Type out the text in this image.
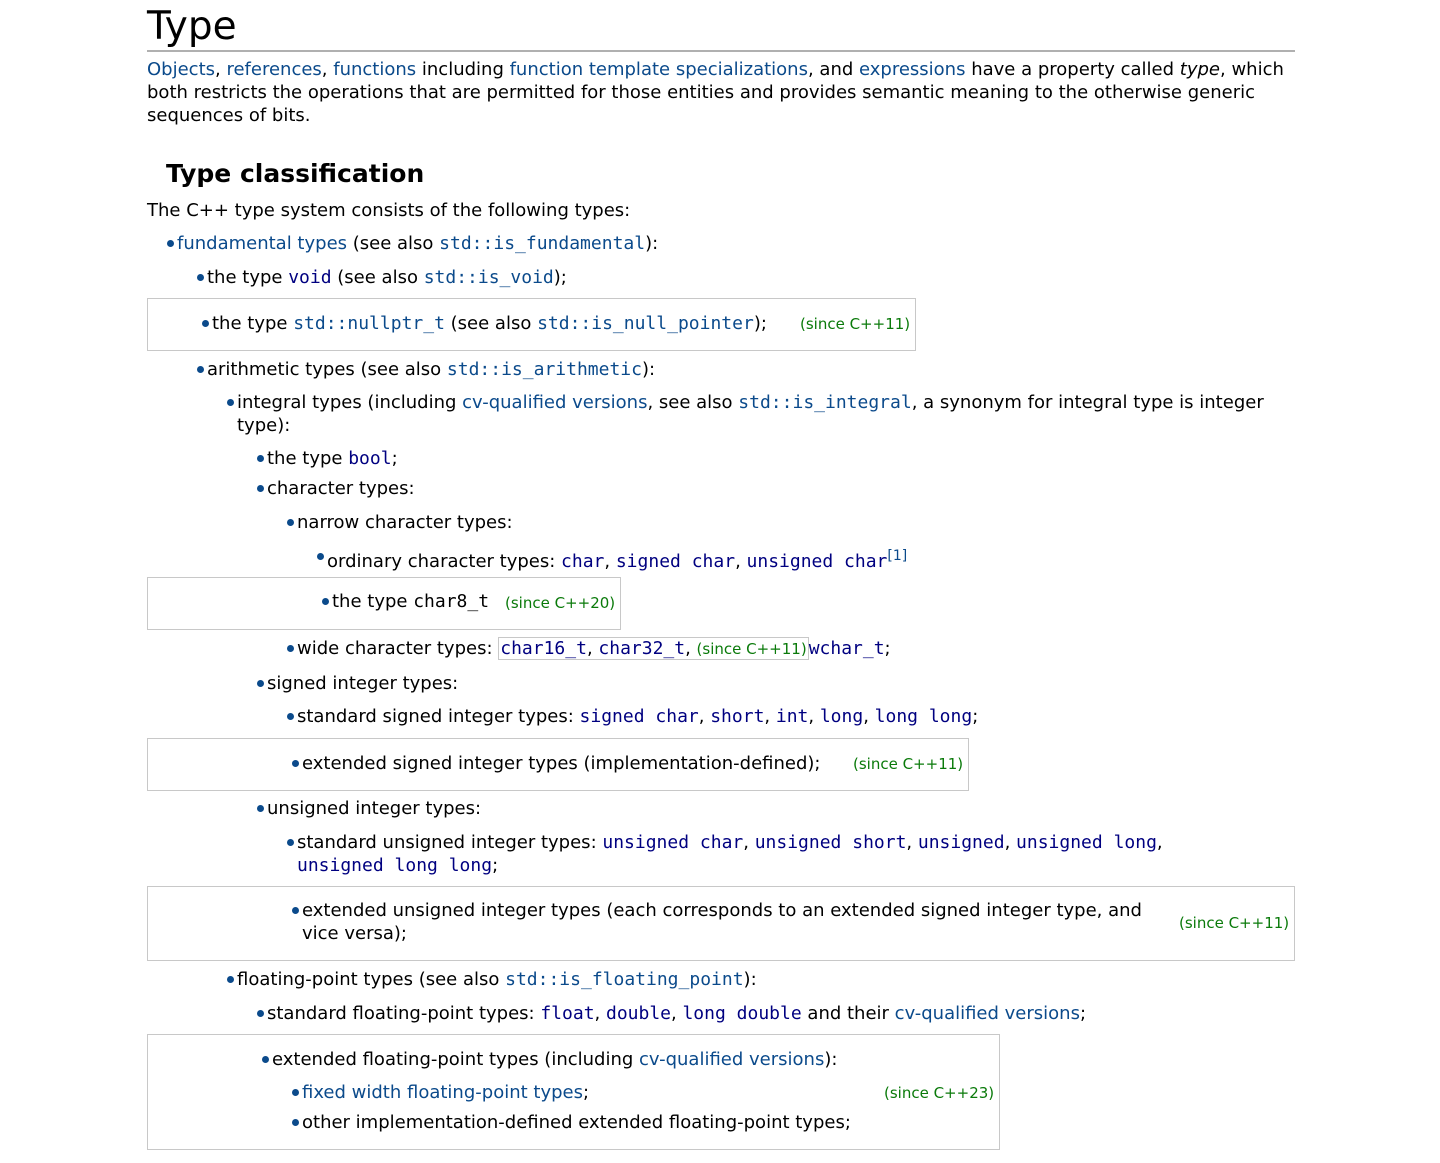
Type

Objects, references, functions including function template specializations, and expressions have a property called type, which both restricts the operations that are permitted for those entities and provides semantic meaning to the otherwise generic sequences of bits.

Type classification

The C++ type system consists of the following types:

fundamental types (see also std::is_fundamental):
the type void (see also std::is_void);
the type std::nullptr_t (see also std::is_null_pointer); (since C++11)
arithmetic types (see also std::is_arithmetic):
integral types (including cv-qualified versions, see also std::is_integral, a synonym for integral type is integer type):
the type bool;
character types:
narrow character types:
ordinary character types: char, signed char, unsigned char[1]
the type char8_t (since C++20)
wide character types: char16_t, char32_t, (since C++11) wchar_t;
signed integer types:
standard signed integer types: signed char, short, int, long, long long;
extended signed integer types (implementation-defined); (since C++11)
unsigned integer types:
standard unsigned integer types: unsigned char, unsigned short, unsigned, unsigned long, unsigned long long;
extended unsigned integer types (each corresponds to an extended signed integer type, and vice versa);	(since C++11)
floating-point types (see also std::is_floating_point):
standard floating-point types: float, double, long double and their cv-qualified versions;
extended floating-point types (including cv-qualified versions):
fixed width floating-point types;
other implementation-defined extended floating-point types;
(since C++23)
